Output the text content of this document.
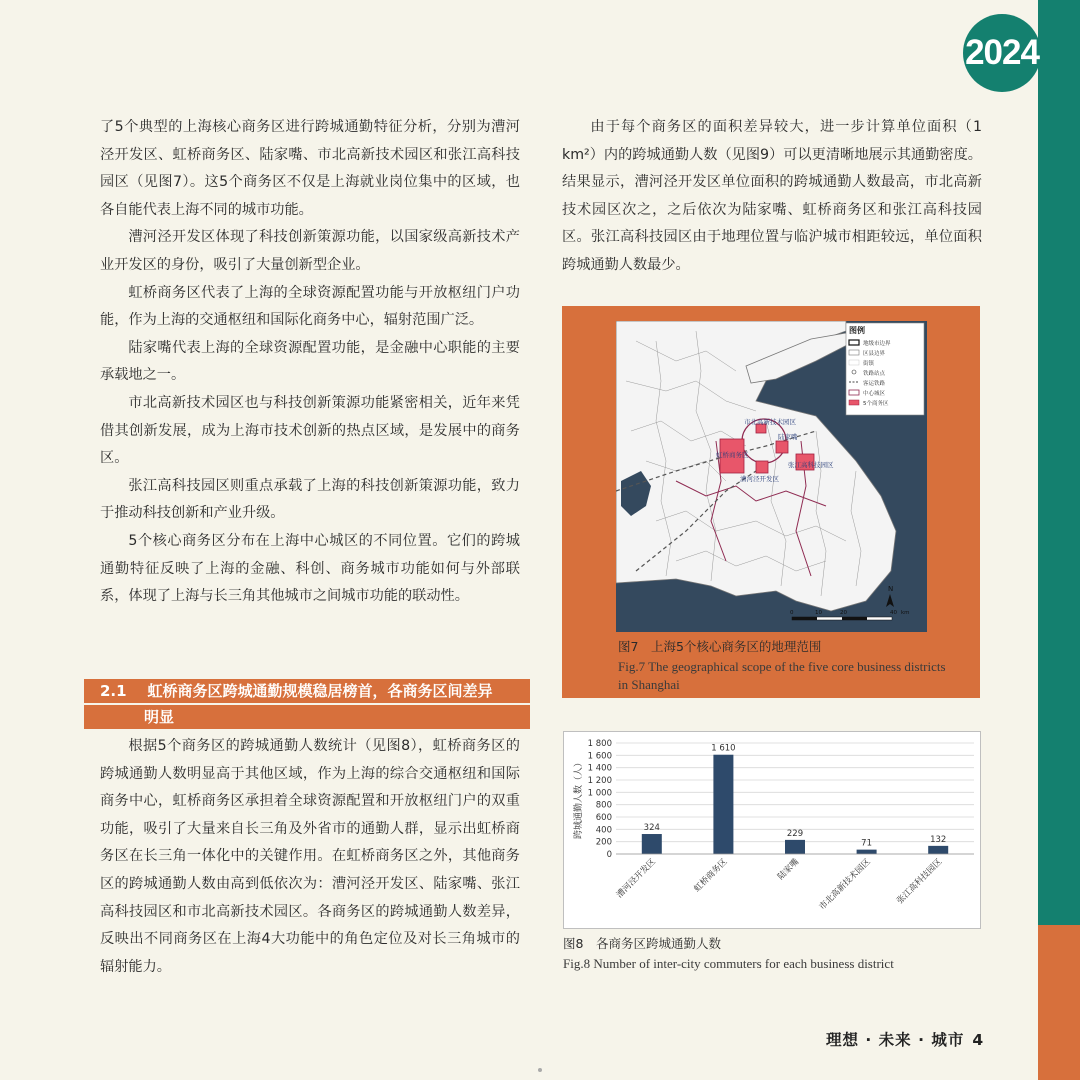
2024

了5个典型的上海核心商务区进行跨城通勤特征分析，分别为漕河泾开发区、虹桥商务区、陆家嘴、市北高新技术园区和张江高科技园区（见图7）。这5个商务区不仅是上海就业岗位集中的区域，也各自能代表上海不同的城市功能。

漕河泾开发区体现了科技创新策源功能，以国家级高新技术产业开发区的身份，吸引了大量创新型企业。

虹桥商务区代表了上海的全球资源配置功能与开放枢纽门户功能，作为上海的交通枢纽和国际化商务中心，辐射范围广泛。

陆家嘴代表上海的全球资源配置功能，是金融中心职能的主要承载地之一。

市北高新技术园区也与科技创新策源功能紧密相关，近年来凭借其创新发展，成为上海市技术创新的热点区域，是发展中的商务区。

张江高科技园区则重点承载了上海的科技创新策源功能，致力于推动科技创新和产业升级。

5个核心商务区分布在上海中心城区的不同位置。它们的跨城通勤特征反映了上海的金融、科创、商务城市功能如何与外部联系，体现了上海与长三角其他城市之间城市功能的联动性。

2.1 虹桥商务区跨城通勤规模稳居榜首，各商务区间差异
明显

根据5个商务区的跨城通勤人数统计（见图8），虹桥商务区的跨城通勤人数明显高于其他区域，作为上海的综合交通枢纽和国际商务中心，虹桥商务区承担着全球资源配置和开放枢纽门户的双重功能，吸引了大量来自长三角及外省市的通勤人群，显示出虹桥商务区在长三角一体化中的关键作用。在虹桥商务区之外，其他商务区的跨城通勤人数由高到低依次为：漕河泾开发区、陆家嘴、张江高科技园区和市北高新技术园区。各商务区的跨城通勤人数差异，反映出不同商务区在上海4大功能中的角色定位及对长三角城市的辐射能力。

由于每个商务区的面积差异较大，进一步计算单位面积（1 km²）内的跨城通勤人数（见图9）可以更清晰地展示其通勤密度。结果显示，漕河泾开发区单位面积的跨城通勤人数最高，市北高新技术园区次之，之后依次为陆家嘴、虹桥商务区和张江高科技园区。张江高科技园区由于地理位置与临沪城市相距较远，单位面积跨城通勤人数最少。

市北高新技术园区
虹桥商务区
陆家嘴
漕河泾开发区
张江高科技园区
图例
地级市边界
区县边界
街镇
铁路站点
客运铁路
中心城区
5个商务区
N
0	10	20	40 km

图7　上海5个核心商务区的地理范围

Fig.7 The geographical scope of the five core business districts in Shanghai

0
200
400
600
800
1 000
1 200
1 400
1 600
1 800
跨城通勤人数（人）	324
漕河泾开发区
1 610
虹桥商务区
229
陆家嘴
71
市北高新技术园区
132
张江高科技园区

图8　各商务区跨城通勤人数

Fig.8 Number of inter-city commuters for each business district

理想 · 未来 · 城市 4
